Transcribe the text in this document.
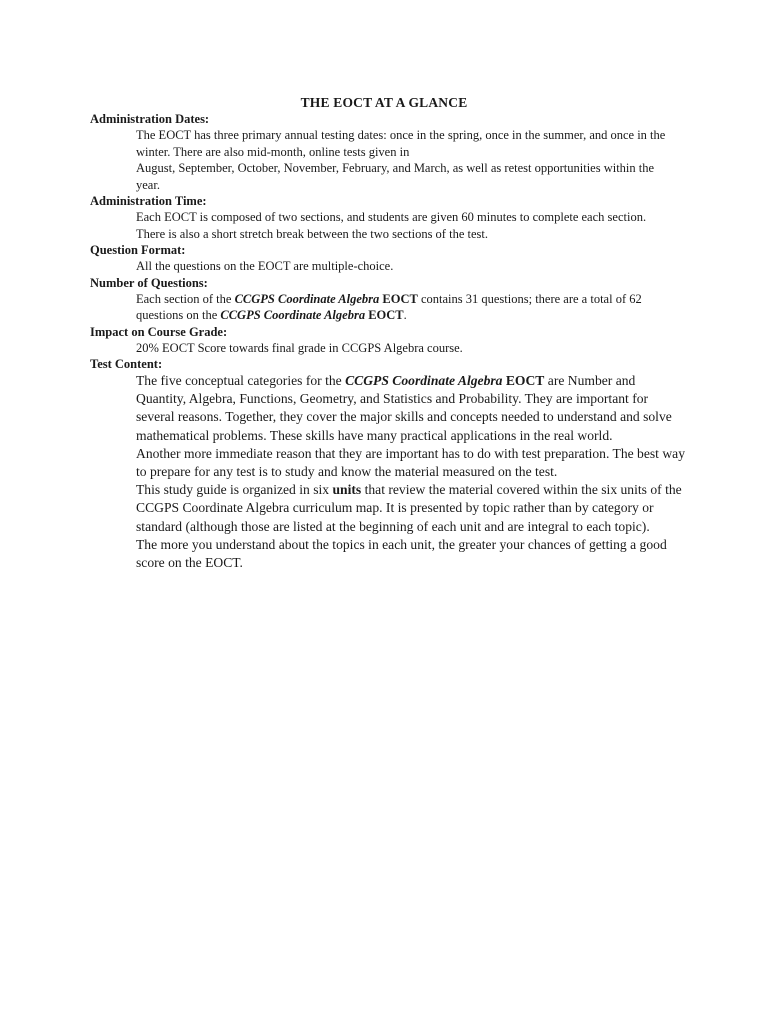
THE EOCT AT A GLANCE
Administration Dates:

The EOCT has three primary annual testing dates: once in the spring, once in the summer, and once in the winter. There are also mid-month, online tests given in

August, September, October, November, February, and March, as well as retest opportunities within the year.

Administration Time:

Each EOCT is composed of two sections, and students are given 60 minutes to complete each section. There is also a short stretch break between the two sections of the test.

Question Format:

All the questions on the EOCT are multiple-choice.

Number of Questions:

Each section of the CCGPS Coordinate Algebra EOCT contains 31 questions; there are a total of 62 questions on the CCGPS Coordinate Algebra EOCT.

Impact on Course Grade:

20% EOCT Score towards final grade in CCGPS Algebra course.

Test Content:

The five conceptual categories for the CCGPS Coordinate Algebra EOCT are Number and Quantity, Algebra, Functions, Geometry, and Statistics and Probability. They are important for several reasons. Together, they cover the major skills and concepts needed to understand and solve mathematical problems. These skills have many practical applications in the real world.

Another more immediate reason that they are important has to do with test preparation. The best way to prepare for any test is to study and know the material measured on the test.

This study guide is organized in six units that review the material covered within the six units of the CCGPS Coordinate Algebra curriculum map. It is presented by topic rather than by category or standard (although those are listed at the beginning of each unit and are integral to each topic).

The more you understand about the topics in each unit, the greater your chances of getting a good score on the EOCT.
